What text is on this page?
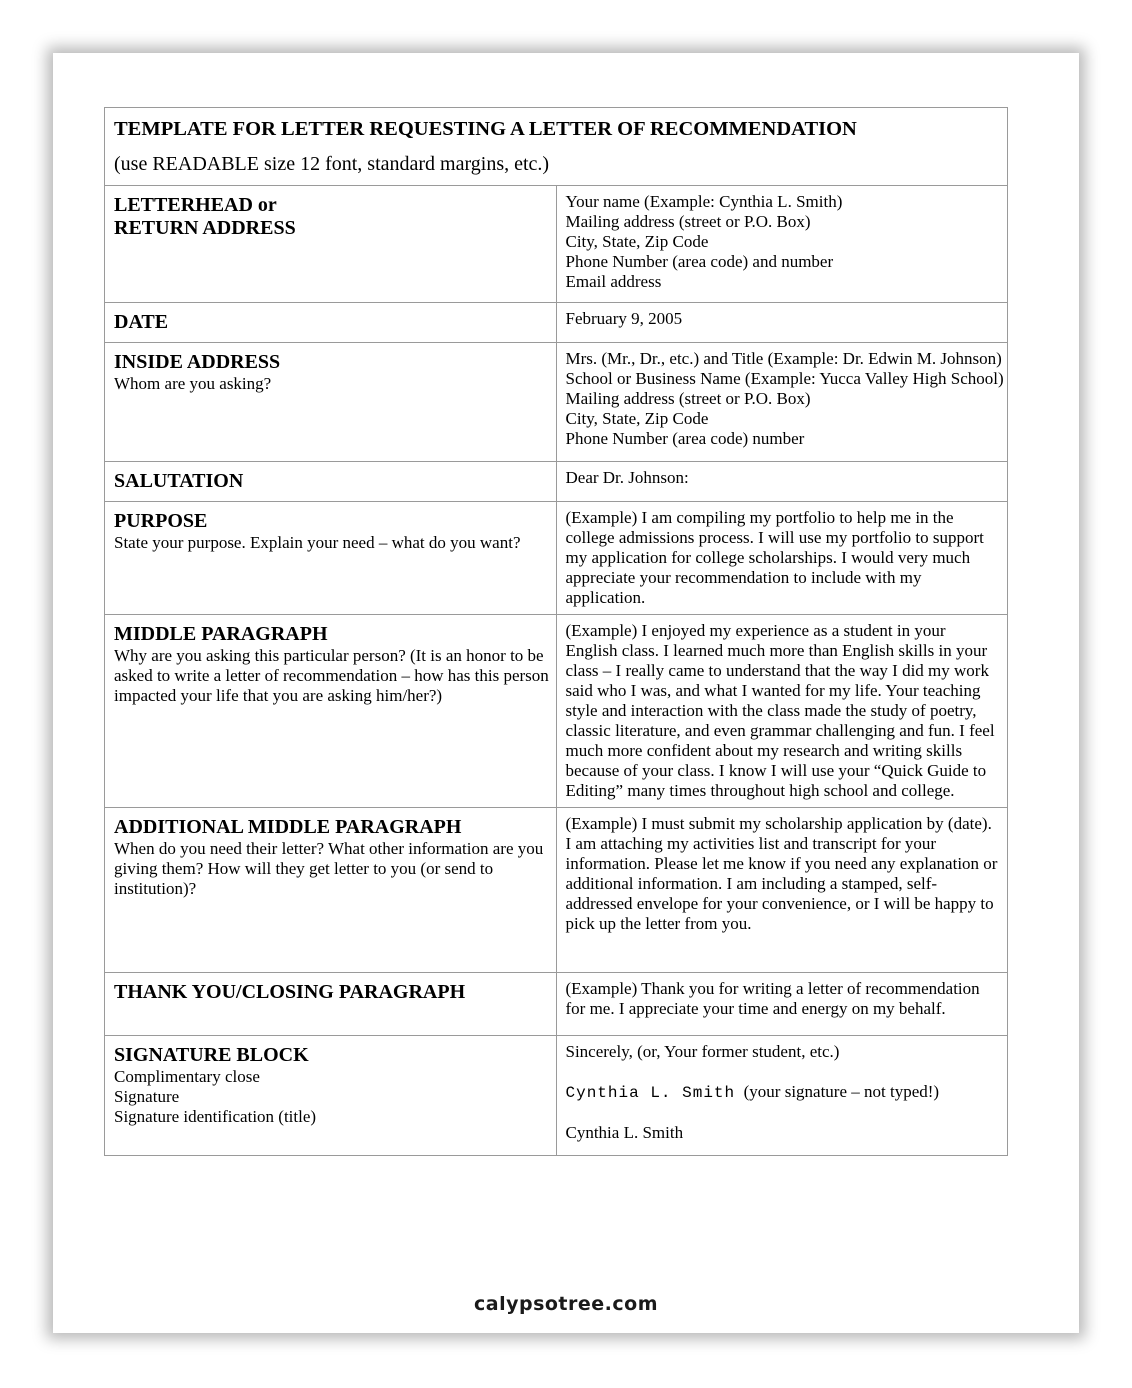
TEMPLATE FOR LETTER REQUESTING A LETTER OF RECOMMENDATION
(use READABLE size 12 font, standard margins, etc.)	

LETTERHEAD or
RETURN ADDRESS	Your name (Example: Cynthia L. Smith)
Mailing address (street or P.O. Box)
City, State, Zip Code
Phone Number (area code) and number
Email address

DATE	February 9, 2005

INSIDE ADDRESS
Whom are you asking?	Mrs. (Mr., Dr., etc.) and Title (Example: Dr. Edwin M. Johnson)
School or Business Name (Example: Yucca Valley High School)
Mailing address (street or P.O. Box)
City, State, Zip Code
Phone Number (area code) number

SALUTATION	Dear Dr. Johnson:

PURPOSE
State your purpose. Explain your need – what do you want?	(Example) I am compiling my portfolio to help me in the college admissions process. I will use my portfolio to support my application for college scholarships. I would very much appreciate your recommendation to include with my application.

MIDDLE PARAGRAPH
Why are you asking this particular person? (It is an honor to be asked to write a letter of recommendation – how has this person impacted your life that you are asking him/her?)	(Example) I enjoyed my experience as a student in your English class. I learned much more than English skills in your class – I really came to understand that the way I did my work said who I was, and what I wanted for my life. Your teaching style and interaction with the class made the study of poetry, classic literature, and even grammar challenging and fun. I feel much more confident about my research and writing skills because of your class. I know I will use your “Quick Guide to Editing” many times throughout high school and college.

ADDITIONAL MIDDLE PARAGRAPH
When do you need their letter? What other information are you giving them? How will they get letter to you (or send to institution)?	(Example) I must submit my scholarship application by (date). I am attaching my activities list and transcript for your information. Please let me know if you need any explanation or additional information. I am including a stamped, self-addressed envelope for your convenience, or I will be happy to pick up the letter from you.

THANK YOU/CLOSING PARAGRAPH	(Example) Thank you for writing a letter of recommendation for me. I appreciate your time and energy on my behalf.

SIGNATURE BLOCK
Complimentary close
Signature
Signature identification (title)	Sincerely, (or, Your former student, etc.)
Cynthia L. Smith (your signature – not typed!)
Cynthia L. Smith
calypsotree.com
